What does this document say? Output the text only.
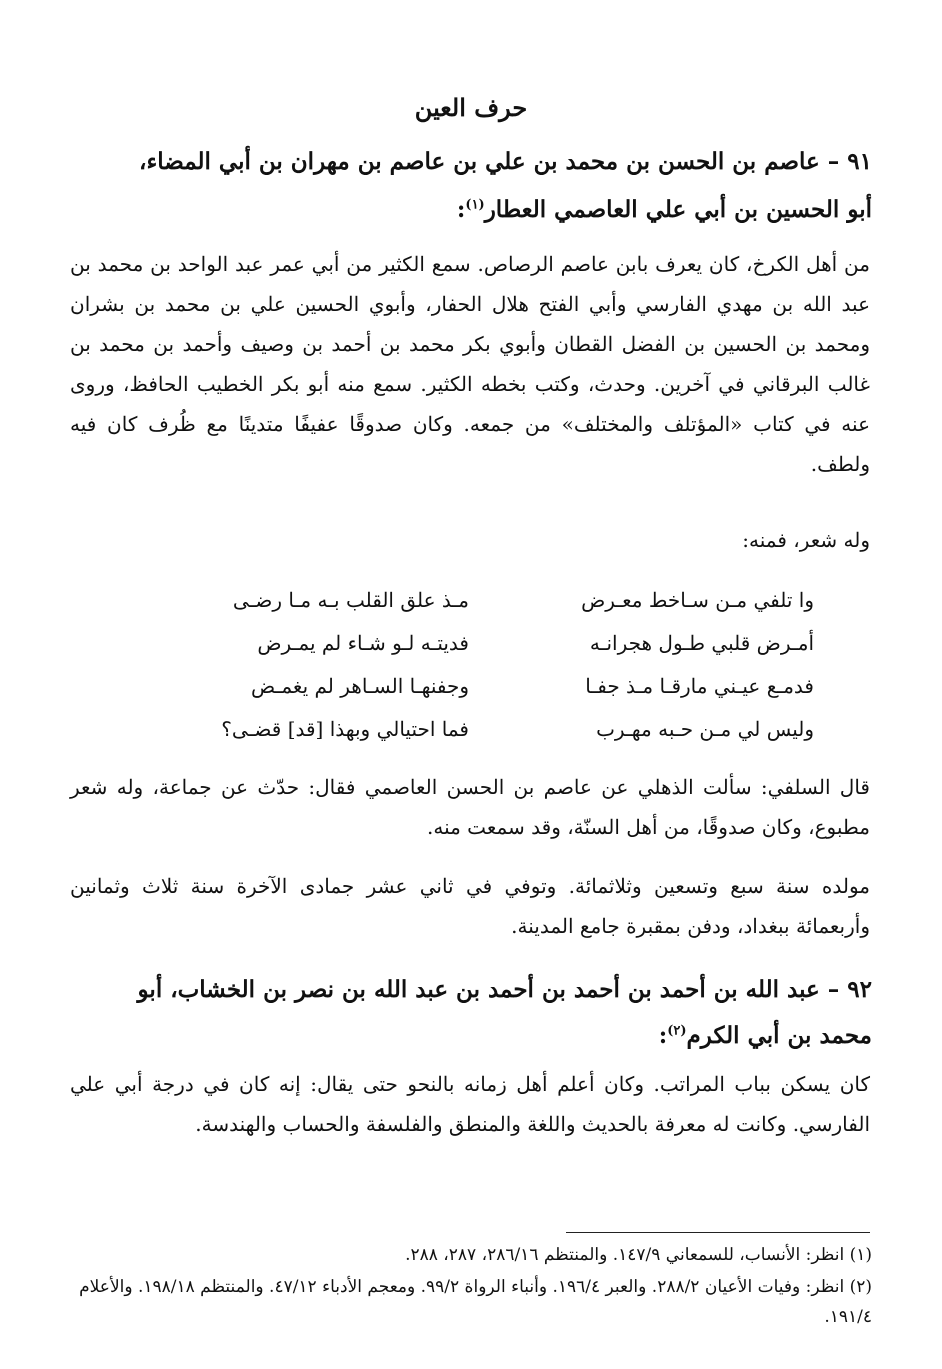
حرف العين
٩١ – عاصم بن الحسن بن محمد بن علي بن عاصم بن مهران بن أبي المضاء،
أبو الحسين بن أبي علي العاصمي العطار$^{(١)}$:
من أهل الكرخ، كان يعرف بابن عاصم الرصاص. سمع الكثير من أبي عمر عبد الواحد بن محمد بن عبد الله بن مهدي الفارسي وأبي الفتح هلال الحفار، وأبوي الحسين علي بن محمد بن بشران ومحمد بن الحسين بن الفضل القطان وأبوي بكر محمد بن أحمد بن وصيف وأحمد بن محمد بن غالب البرقاني في آخرين. وحدث، وكتب بخطه الكثير. سمع منه أبو بكر الخطيب الحافظ، وروى عنه في كتاب «المؤتلف والمختلف» من جمعه. وكان صدوقًا عفيفًا متدينًا مع ظُرف كان فيه ولطف.
وله شعر، فمنه:
وا تلفي مـن سـاخط معـرض
مـذ علق القلب بـه مـا رضـى
أمـرض قلبي طـول هجرانـه
فديتـه لـو شـاء لم يمـرض
فدمـع عيـني مارقـا مـذ جفـا
وجفنهـا السـاهر لم يغمـض
وليس لي مـن حـبه مهـرب
فما احتيالي وبهذا [قد] قضـى؟
قال السلفي: سألت الذهلي عن عاصم بن الحسن العاصمي فقال: حدّث عن جماعة، وله شعر مطبوع، وكان صدوقًا، من أهل السنّة، وقد سمعت منه.
مولده سنة سبع وتسعين وثلاثمائة. وتوفي في ثاني عشر جمادى الآخرة سنة ثلاث وثمانين وأربعمائة ببغداد، ودفن بمقبرة جامع المدينة.
٩٢ – عبد الله بن أحمد بن أحمد بن أحمد بن عبد الله بن نصر بن الخشاب، أبو
محمد بن أبي الكرم$^{(٢)}$:
كان يسكن بباب المراتب. وكان أعلم أهل زمانه بالنحو حتى يقال: إنه كان في درجة أبي علي الفارسي. وكانت له معرفة بالحديث واللغة والمنطق والفلسفة والحساب والهندسة.
(١) انظر: الأنساب، للسمعاني ١٤٧/٩. والمنتظم ٢٨٦/١٦، ٢٨٧، ٢٨٨.
(٢) انظر: وفيات الأعيان ٢٨٨/٢. والعبر ١٩٦/٤. وأنباء الرواة ٩٩/٢. ومعجم الأدباء ٤٧/١٢. والمنتظم ١٩٨/١٨. والأعلام ١٩١/٤.
